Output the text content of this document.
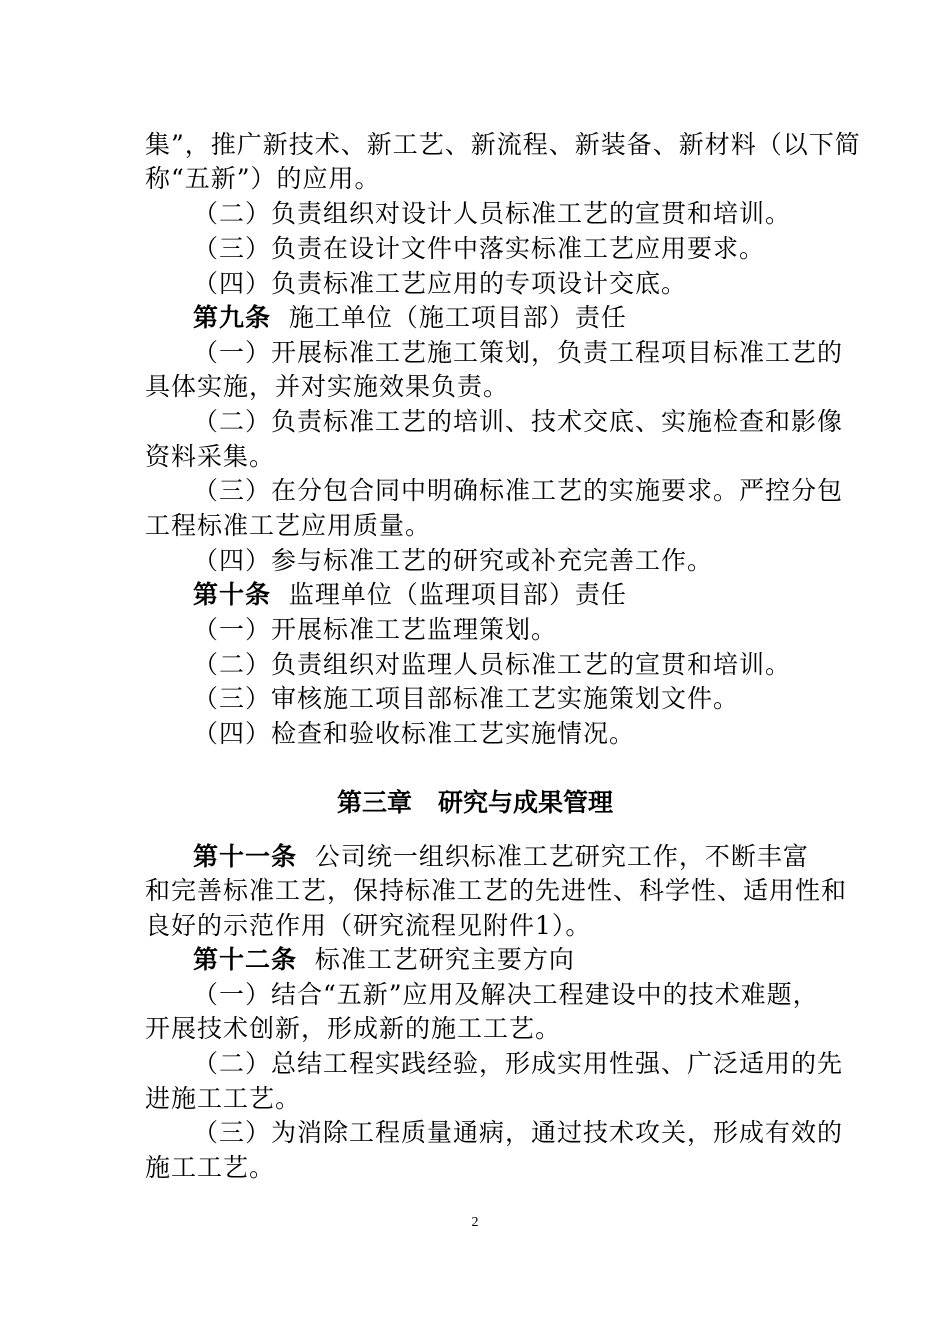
集”，推广新技术、新工艺、新流程、新装备、新材料（以下简
称“五新”）的应用。
（二）负责组织对设计人员标准工艺的宣贯和培训。
（三）负责在设计文件中落实标准工艺应用要求。
（四）负责标准工艺应用的专项设计交底。
第九条 施工单位（施工项目部）责任
（一）开展标准工艺施工策划，负责工程项目标准工艺的
具体实施，并对实施效果负责。
（二）负责标准工艺的培训、技术交底、实施检查和影像
资料采集。
（三）在分包合同中明确标准工艺的实施要求。严控分包
工程标准工艺应用质量。
（四）参与标准工艺的研究或补充完善工作。
第十条 监理单位（监理项目部）责任
（一）开展标准工艺监理策划。
（二）负责组织对监理人员标准工艺的宣贯和培训。
（三）审核施工项目部标准工艺实施策划文件。
（四）检查和验收标准工艺实施情况。
第三章   研究与成果管理
第十一条 公司统一组织标准工艺研究工作，不断丰富
和完善标准工艺，保持标准工艺的先进性、科学性、适用性和
良好的示范作用（研究流程见附件1）。
第十二条 标准工艺研究主要方向
（一）结合“五新”应用及解决工程建设中的技术难题，
开展技术创新，形成新的施工工艺。
（二）总结工程实践经验，形成实用性强、广泛适用的先
进施工工艺。
（三）为消除工程质量通病，通过技术攻关，形成有效的
施工工艺。
2
